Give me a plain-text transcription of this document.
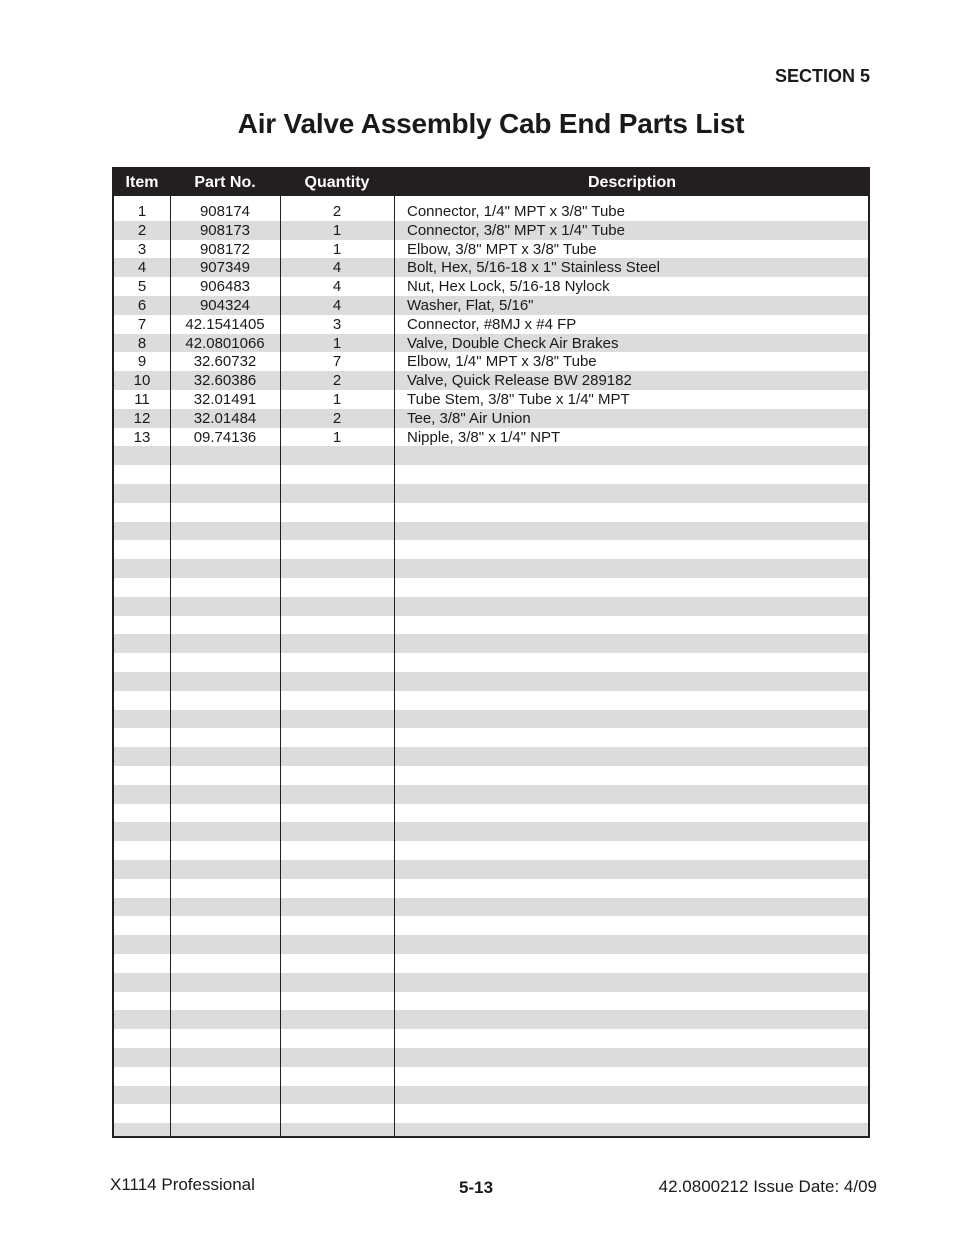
SECTION 5
Air Valve Assembly Cab End Parts List
Item	Part No.	Quantity	Description
1	908174	2	Connector, 1/4" MPT x 3/8" Tube
2	908173	1	Connector, 3/8" MPT x 1/4" Tube
3	908172	1	Elbow, 3/8" MPT x 3/8" Tube
4	907349	4	Bolt, Hex, 5/16-18 x 1" Stainless Steel
5	906483	4	Nut, Hex Lock, 5/16-18 Nylock
6	904324	4	Washer, Flat, 5/16"
7	42.1541405	3	Connector, #8MJ x #4 FP
8	42.0801066	1	Valve, Double Check Air Brakes
9	32.60732	7	Elbow, 1/4" MPT x 3/8" Tube
10	32.60386	2	Valve, Quick Release BW 289182
11	32.01491	1	Tube Stem, 3/8" Tube x 1/4" MPT
12	32.01484	2	Tee, 3/8" Air Union
13	09.74136	1	Nipple, 3/8" x 1/4" NPT
X1114 Professional	5-13	42.0800212 Issue Date: 4/09
